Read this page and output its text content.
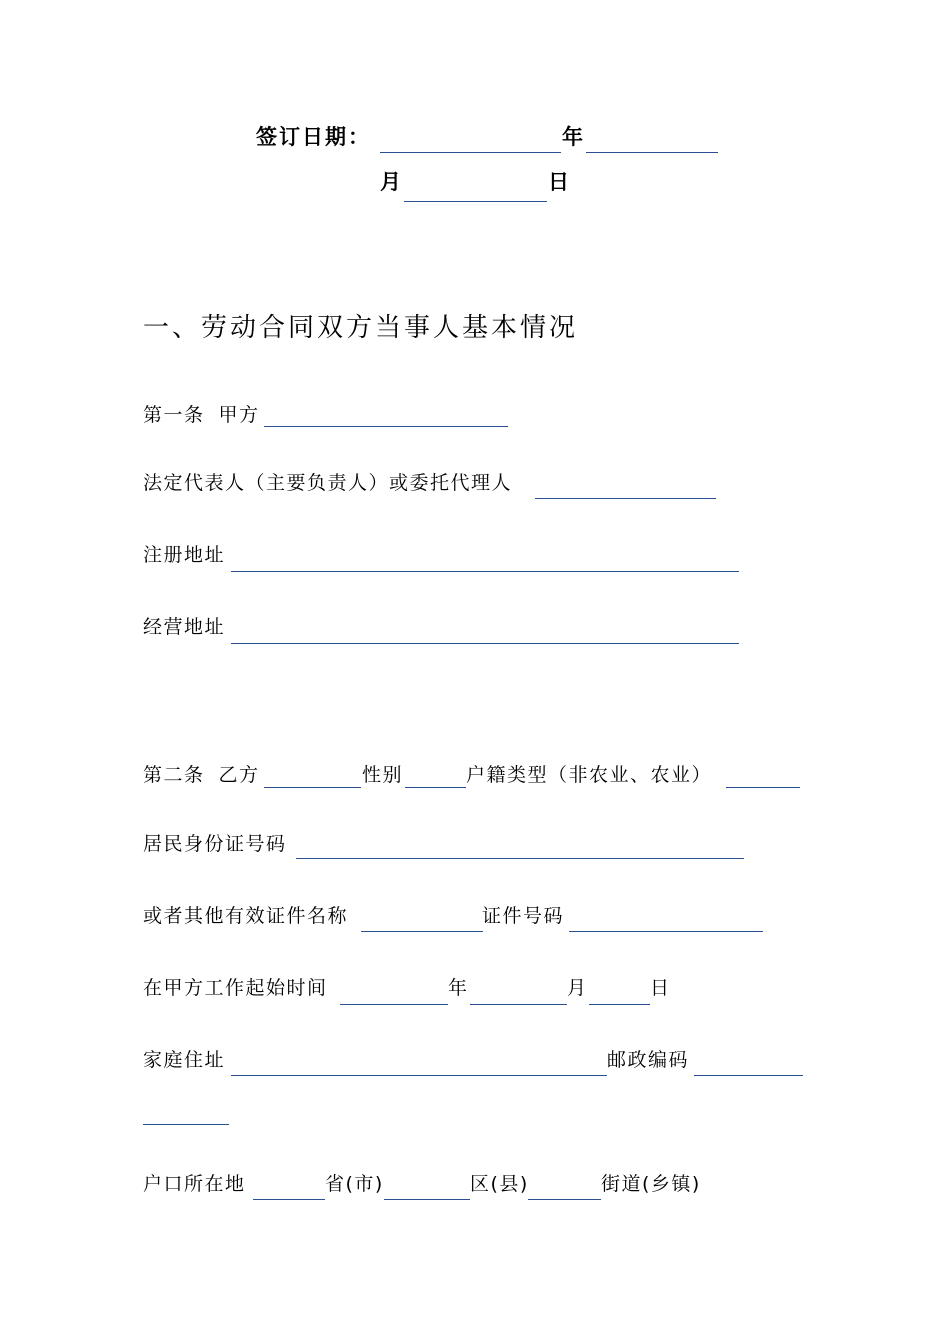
签订日期：	年
月	日
一、劳动合同双方当事人基本情况
第一条 甲方
法定代表人（主要负责人）或委托代理人
注册地址
经营地址
第二条 乙方	性别	户籍类型（非农业、农业）
居民身份证号码
或者其他有效证件名称	证件号码
在甲方工作起始时间	年	月	日
家庭住址	邮政编码
户口所在地	省(市)	区(县)	街道(乡镇)
